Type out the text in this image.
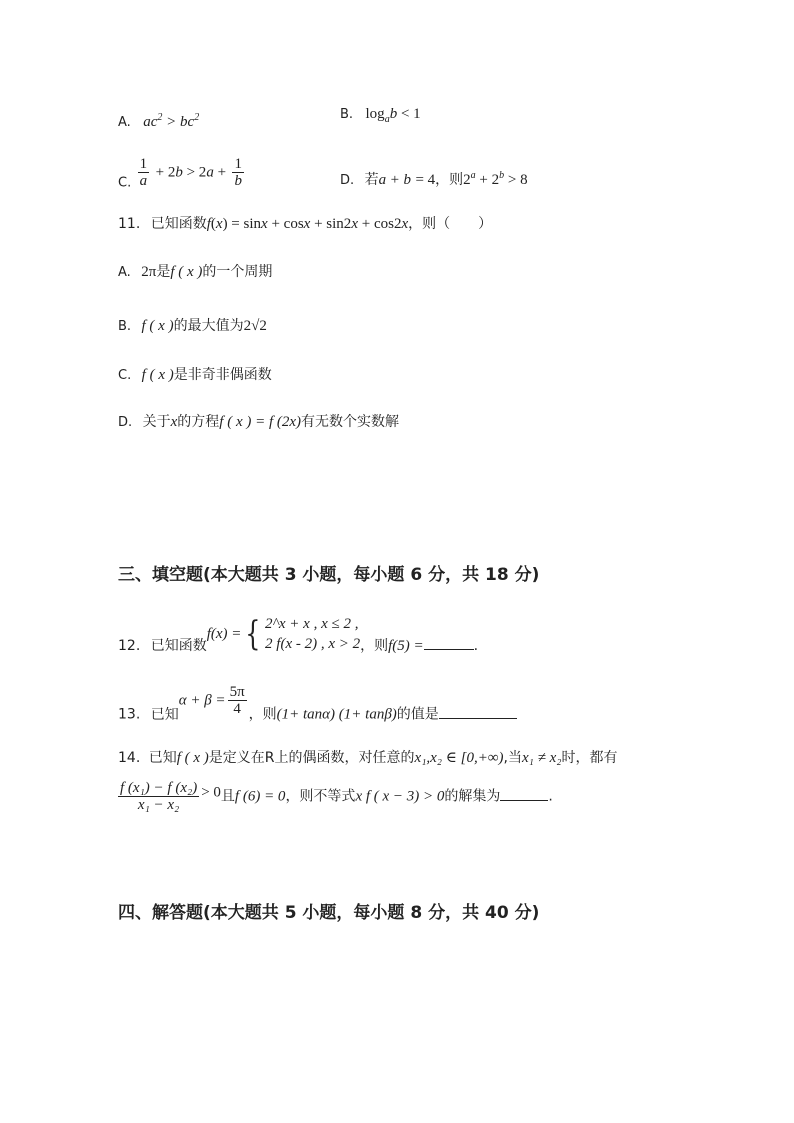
A. $ac^2 > bc^2$	B. $\log_ab < 1$
C. $\frac{1}{a} + 2b > 2a + \frac{1}{b}$	D. 若a + b = 4，则$2^a + 2^b > 8$
11. 已知函数f(x) = sinx + cosx + sin2x + cos2x，则（　　）
A. 2π是f ( x )的一个周期
B. f ( x )的最大值为2√2
C. f ( x )是非奇非偶函数
D. 关于x的方程f ( x ) = f (2x)有无数个实数解
三、填空题(本大题共 3 小题，每小题 6 分，共 18 分)
12. 已知函数f(x) = { 2^x + x , x ≤ 2 ,
2 f(x - 2) , x > 2 ，则f(5) =	.
13. 已知$\alpha + \beta = \frac{5\pi}{4}$ ，则(1+ tanα) (1+ tanβ)的值是
14. 已知f ( x )是定义在R上的偶函数，对任意的x₁,x₂ ∈ [0,+∞),当x₁ ≠ x₂时，都有
$\frac{\text{f (x₁) − f (x₂)}}{\text{x₁ − x₂}} > 0$且f (6) = 0，则不等式x f ( x − 3) > 0的解集为	.
四、解答题(本大题共 5 小题，每小题 8 分，共 40 分)
